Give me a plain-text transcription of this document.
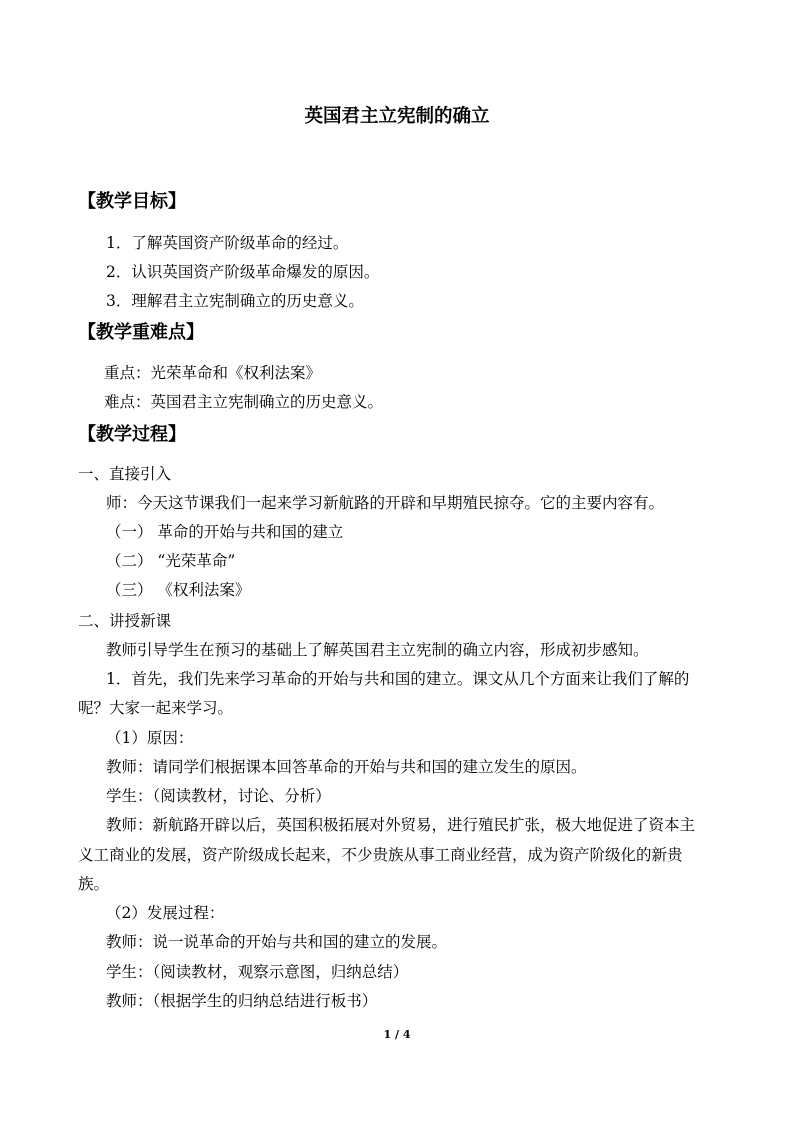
英国君主立宪制的确立
【教学目标】
1．了解英国资产阶级革命的经过。
2．认识英国资产阶级革命爆发的原因。
3．理解君主立宪制确立的历史意义。
【教学重难点】
重点：光荣革命和《权利法案》
难点：英国君主立宪制确立的历史意义。
【教学过程】
一、直接引入
师：今天这节课我们一起来学习新航路的开辟和早期殖民掠夺。它的主要内容有。
（一） 革命的开始与共和国的建立
（二） “光荣革命”
（三） 《权利法案》
二、讲授新课
教师引导学生在预习的基础上了解英国君主立宪制的确立内容，形成初步感知。
1．首先，我们先来学习革命的开始与共和国的建立。课文从几个方面来让我们了解的
呢？大家一起来学习。
（1）原因：
教师：请同学们根据课本回答革命的开始与共和国的建立发生的原因。
学生：（阅读教材，讨论、分析）
教师：新航路开辟以后，英国积极拓展对外贸易，进行殖民扩张，极大地促进了资本主
义工商业的发展，资产阶级成长起来，不少贵族从事工商业经营，成为资产阶级化的新贵
族。
（2）发展过程：
教师：说一说革命的开始与共和国的建立的发展。
学生：（阅读教材，观察示意图，归纳总结）
教师：（根据学生的归纳总结进行板书）
1 / 4
